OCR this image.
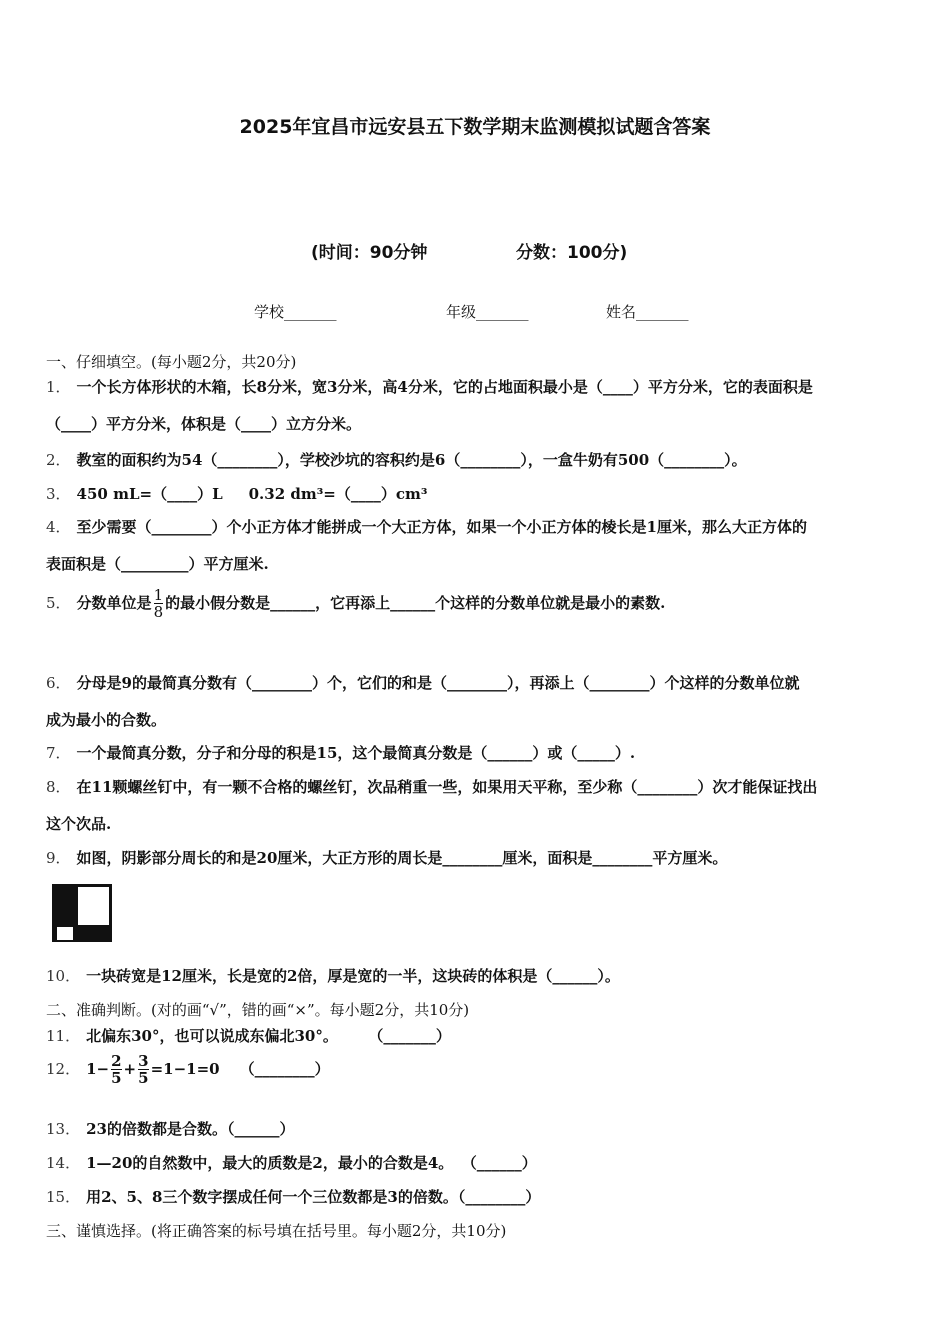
2025年宜昌市远安县五下数学期末监测模拟试题含答案
(时间：90分钟	分数：100分)
学校_______	年级_______	姓名_______
一、仔细填空。(每小题2分，共20分)
1． 一个长方体形状的木箱，长8分米，宽3分米，高4分米，它的占地面积最小是（____）平方分米，它的表面积是
（____）平方分米，体积是（____）立方分米。
2． 教室的面积约为54（________），学校沙坑的容积约是6（________），一盒牛奶有500（________）。
3． 450 mL=（____）L 0.32 dm³=（____）cm³
4． 至少需要（________）个小正方体才能拼成一个大正方体，如果一个小正方体的棱长是1厘米，那么大正方体的
表面积是（_________）平方厘米.
5． 分数单位是 $\frac{1}{8}$ 的最小假分数是______，它再添上______个这样的分数单位就是最小的素数.
6． 分母是9的最简真分数有（________）个，它们的和是（________），再添上（________）个这样的分数单位就
成为最小的合数。
7． 一个最简真分数，分子和分母的积是15，这个最简真分数是（______）或（_____）.
8． 在11颗螺丝钉中，有一颗不合格的螺丝钉，次品稍重一些，如果用天平称，至少称（________）次才能保证找出
这个次品.
9． 如图，阴影部分周长的和是20厘米，大正方形的周长是________厘米，面积是________平方厘米。
10． 一块砖宽是12厘米，长是宽的2倍，厚是宽的一半，这块砖的体积是（______）。
二、准确判断。(对的画“√”，错的画“×”。每小题2分，共10分)
11． 北偏东30°，也可以说成东偏北30°。	（_______）
12． $1- \frac{2}{5} + \frac{3}{5} =1-1=0$ （________）
13． 23的倍数都是合数。（______）
14． 1—20的自然数中，最大的质数是2，最小的合数是4。 （______）
15． 用2、5、8三个数字摆成任何一个三位数都是3的倍数。（________）
三、谨慎选择。(将正确答案的标号填在括号里。每小题2分，共10分)
